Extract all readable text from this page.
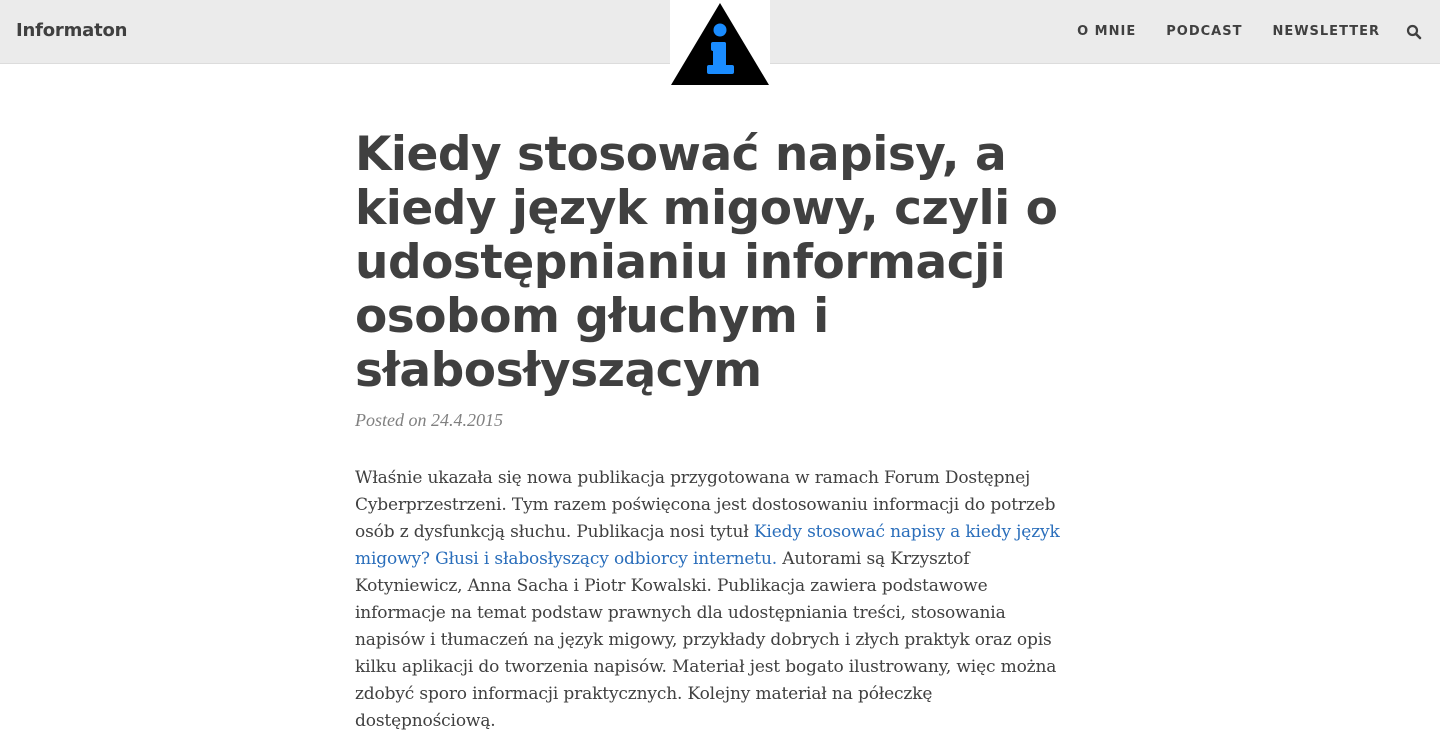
Informaton	O MNIE PODCAST NEWSLETTER
Kiedy stosować napisy, a kiedy język migowy, czyli o udostępnianiu informacji osobom głuchym i słabosłyszącym
Posted on 24.4.2015

Właśnie ukazała się nowa publikacja przygotowana w ramach Forum Dostępnej Cyberprzestrzeni. Tym razem poświęcona jest dostosowaniu informacji do potrzeb osób z dysfunkcją słuchu. Publikacja nosi tytuł Kiedy stosować napisy a kiedy język migowy? Głusi i słabosłyszący odbiorcy internetu. Autorami są Krzysztof Kotyniewicz, Anna Sacha i Piotr Kowalski. Publikacja zawiera podstawowe informacje na temat podstaw prawnych dla udostępniania treści, stosowania napisów i tłumaczeń na język migowy, przykłady dobrych i złych praktyk oraz opis kilku aplikacji do tworzenia napisów. Materiał jest bogato ilustrowany, więc można zdobyć sporo informacji praktycznych. Kolejny materiał na półeczkę dostępnościową.
